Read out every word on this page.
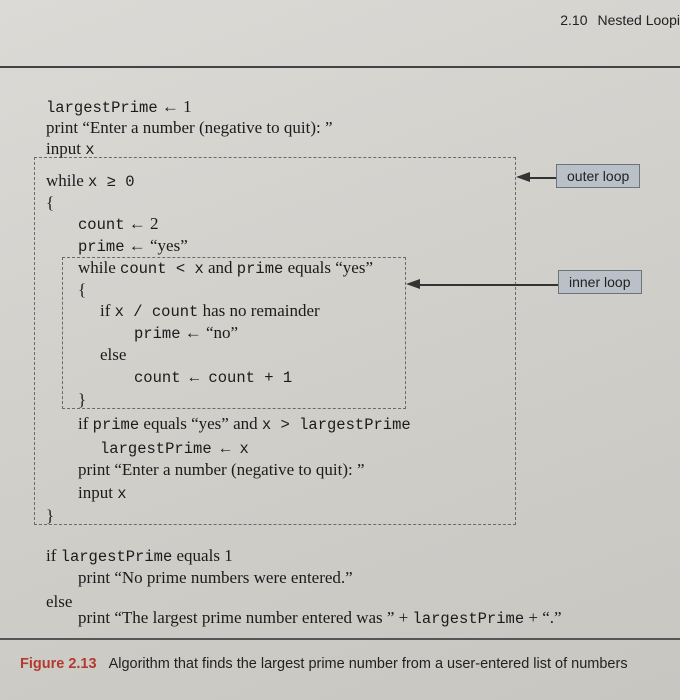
2.10 Nested Loopi
largestPrime ← 1
print “Enter a number (negative to quit): ”
input x
while x ≥ 0
{
count ← 2
prime ← “yes”
while count < x and prime equals “yes”
{
if x / count has no remainder
prime ← “no”
else
count ← count + 1
}
if prime equals “yes” and x > largestPrime
largestPrime ← x
print “Enter a number (negative to quit): ”
input x
}
if largestPrime equals 1
print “No prime numbers were entered.”
else
print “The largest prime number entered was ” + largestPrime + “.”
outer loop
inner loop
Figure 2.13 Algorithm that finds the largest prime number from a user-entered list of numbers
